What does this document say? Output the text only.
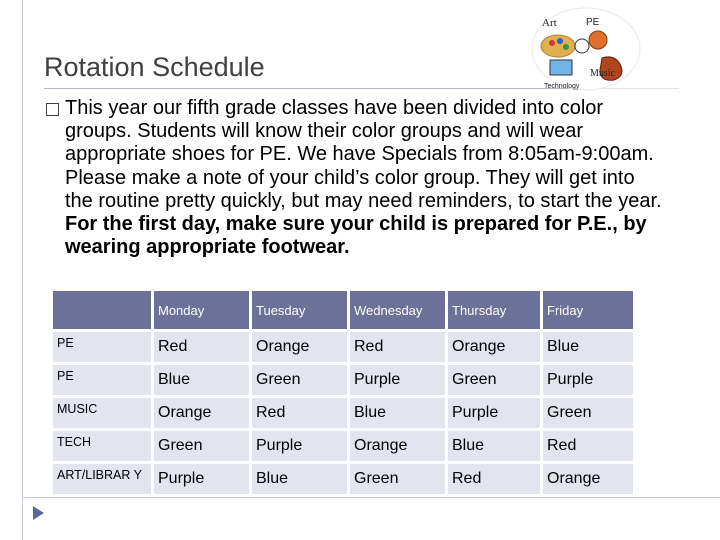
Rotation Schedule
Art	PE
Technology
Music
This year our fifth grade classes have been divided into color groups. Students will know their color groups and will wear appropriate shoes for PE. We have Specials from 8:05am-9:00am. Please make a note of your child’s color group. They will get into the routine pretty quickly, but may need reminders, to start the year. For the first day, make sure your child is prepared for P.E., by wearing appropriate footwear.
	Monday	Tuesday	Wednesday	Thursday	Friday
PE	Red	Orange	Red	Orange	Blue
PE	Blue	Green	Purple	Green	Purple
MUSIC	Orange	Red	Blue	Purple	Green
TECH	Green	Purple	Orange	Blue	Red
ART/LIBRAR Y	Purple	Blue	Green	Red	Orange
